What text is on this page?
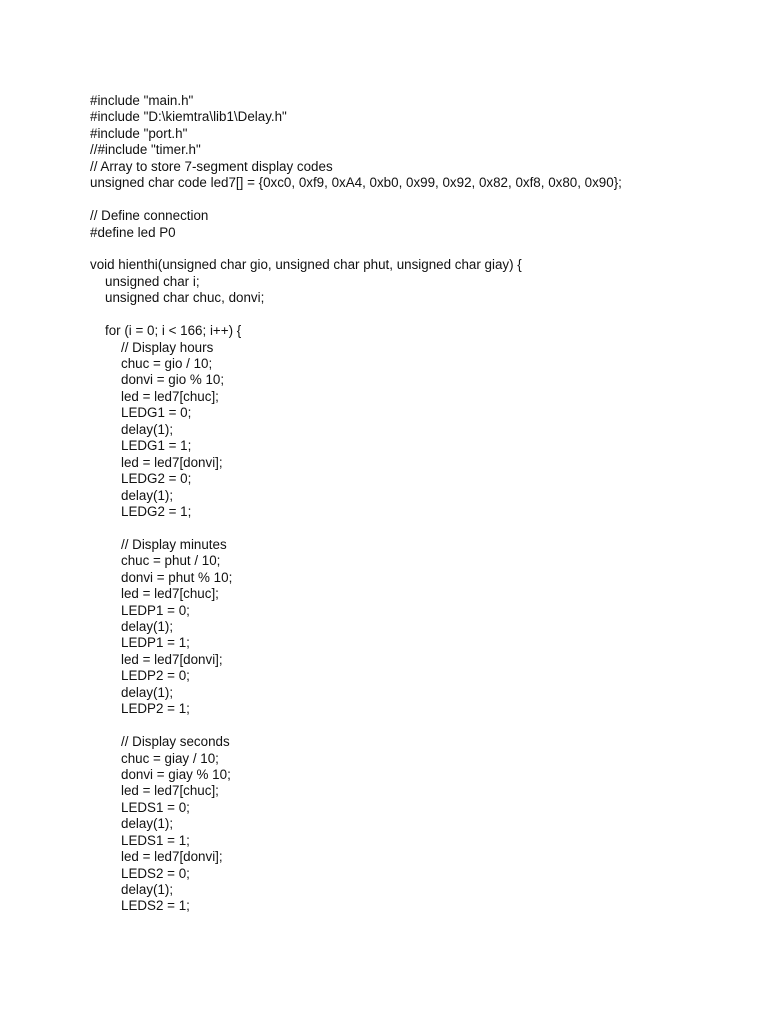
#include "main.h"
#include "D:\kiemtra\lib1\Delay.h"
#include "port.h"
//#include "timer.h"
// Array to store 7-segment display codes
unsigned char code led7[] = {0xc0, 0xf9, 0xA4, 0xb0, 0x99, 0x92, 0x82, 0xf8, 0x80, 0x90};
// Define connection
#define led P0
void hienthi(unsigned char gio, unsigned char phut, unsigned char giay) {
unsigned char i;
unsigned char chuc, donvi;
for (i = 0; i < 166; i++) {
// Display hours
chuc = gio / 10;
donvi = gio % 10;
led = led7[chuc];
LEDG1 = 0;
delay(1);
LEDG1 = 1;
led = led7[donvi];
LEDG2 = 0;
delay(1);
LEDG2 = 1;
// Display minutes
chuc = phut / 10;
donvi = phut % 10;
led = led7[chuc];
LEDP1 = 0;
delay(1);
LEDP1 = 1;
led = led7[donvi];
LEDP2 = 0;
delay(1);
LEDP2 = 1;
// Display seconds
chuc = giay / 10;
donvi = giay % 10;
led = led7[chuc];
LEDS1 = 0;
delay(1);
LEDS1 = 1;
led = led7[donvi];
LEDS2 = 0;
delay(1);
LEDS2 = 1;
